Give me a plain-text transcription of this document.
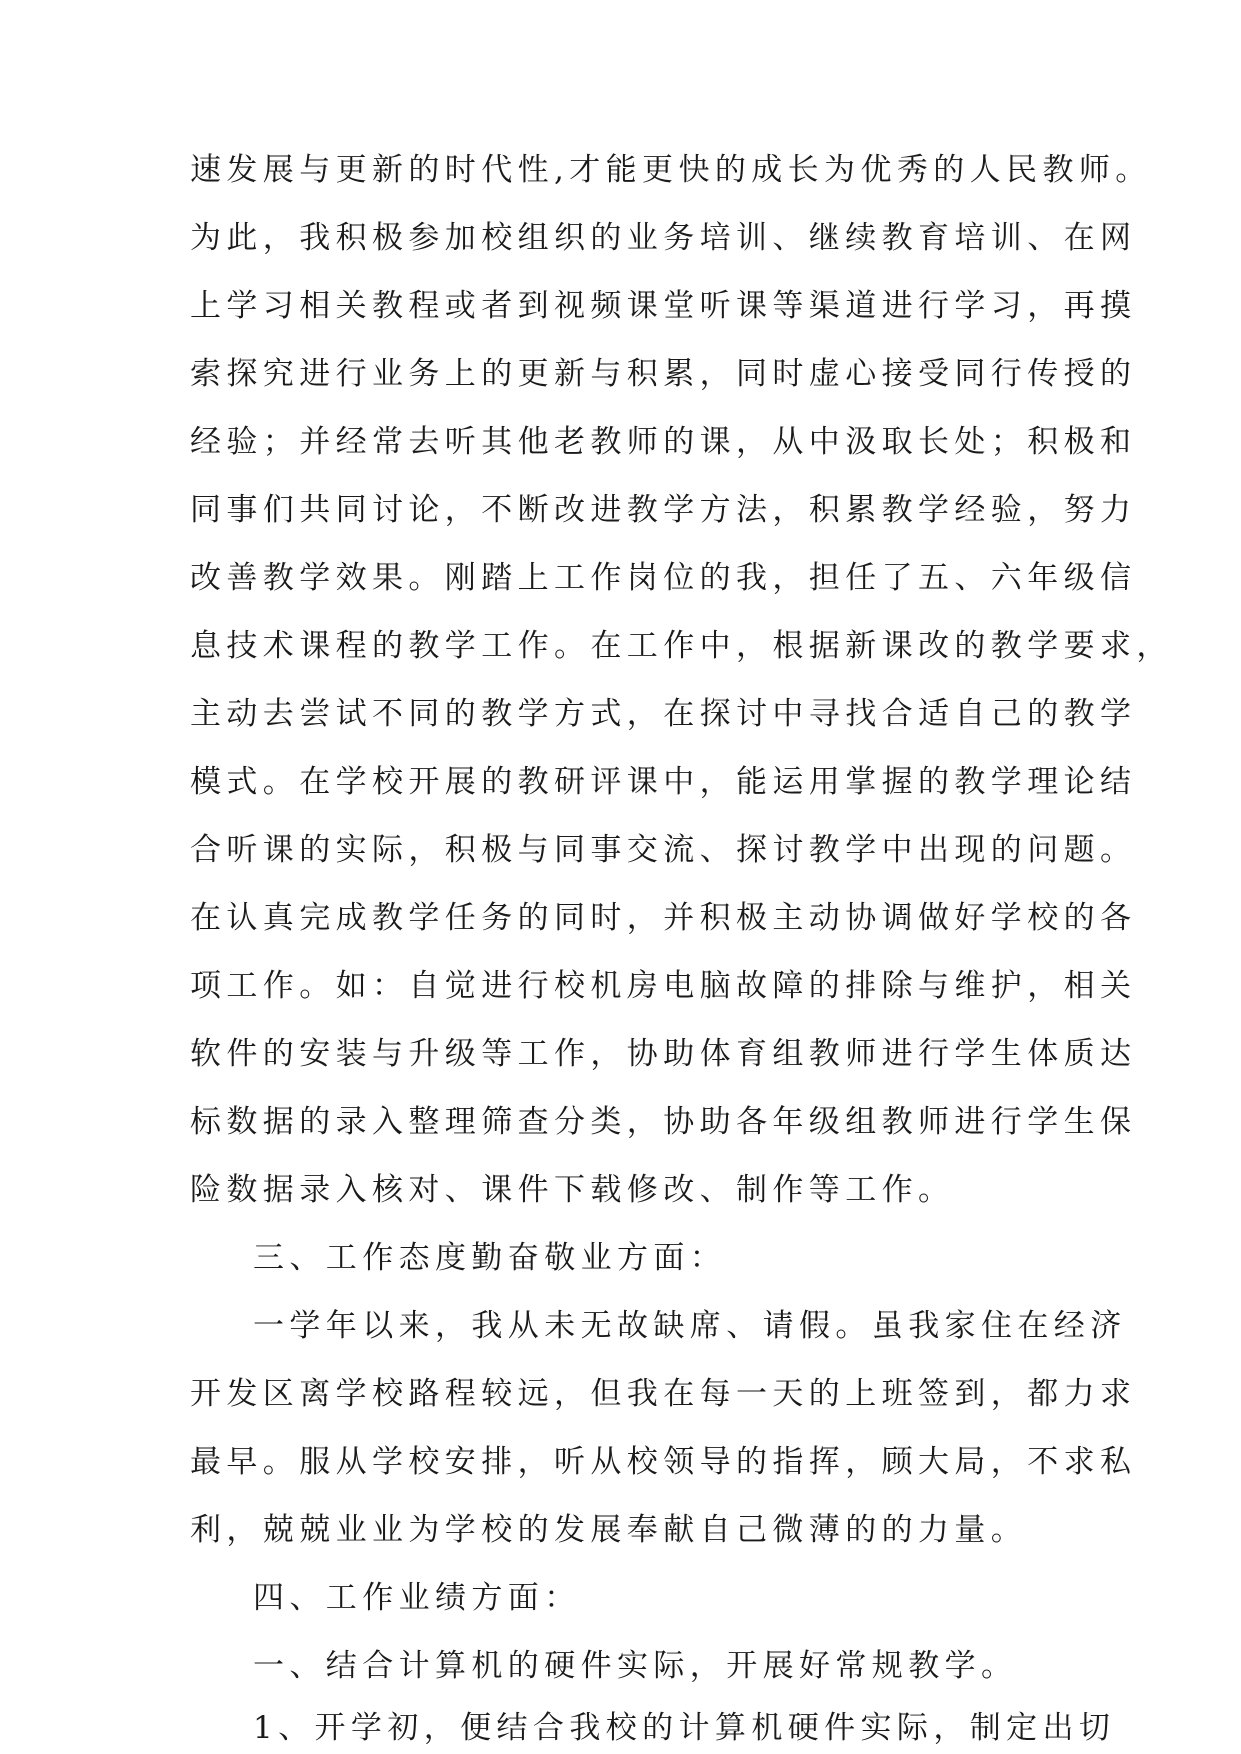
速发展与更新的时代性,才能更快的成长为优秀的人民教师。
为此，我积极参加校组织的业务培训、继续教育培训、在网
上学习相关教程或者到视频课堂听课等渠道进行学习，再摸
索探究进行业务上的更新与积累，同时虚心接受同行传授的
经验；并经常去听其他老教师的课，从中汲取长处；积极和
同事们共同讨论，不断改进教学方法，积累教学经验，努力
改善教学效果。刚踏上工作岗位的我，担任了五、六年级信
息技术课程的教学工作。在工作中，根据新课改的教学要求，
主动去尝试不同的教学方式，在探讨中寻找合适自己的教学
模式。在学校开展的教研评课中，能运用掌握的教学理论结
合听课的实际，积极与同事交流、探讨教学中出现的问题。
在认真完成教学任务的同时，并积极主动协调做好学校的各
项工作。如：自觉进行校机房电脑故障的排除与维护，相关
软件的安装与升级等工作，协助体育组教师进行学生体质达
标数据的录入整理筛查分类，协助各年级组教师进行学生保
险数据录入核对、课件下载修改、制作等工作。
三、工作态度勤奋敬业方面：
一学年以来，我从未无故缺席、请假。虽我家住在经济
开发区离学校路程较远，但我在每一天的上班签到，都力求
最早。服从学校安排，听从校领导的指挥，顾大局，不求私
利，兢兢业业为学校的发展奉献自己微薄的的力量。
四、工作业绩方面：
一、结合计算机的硬件实际，开展好常规教学。
1、开学初，便结合我校的计算机硬件实际，制定出切
